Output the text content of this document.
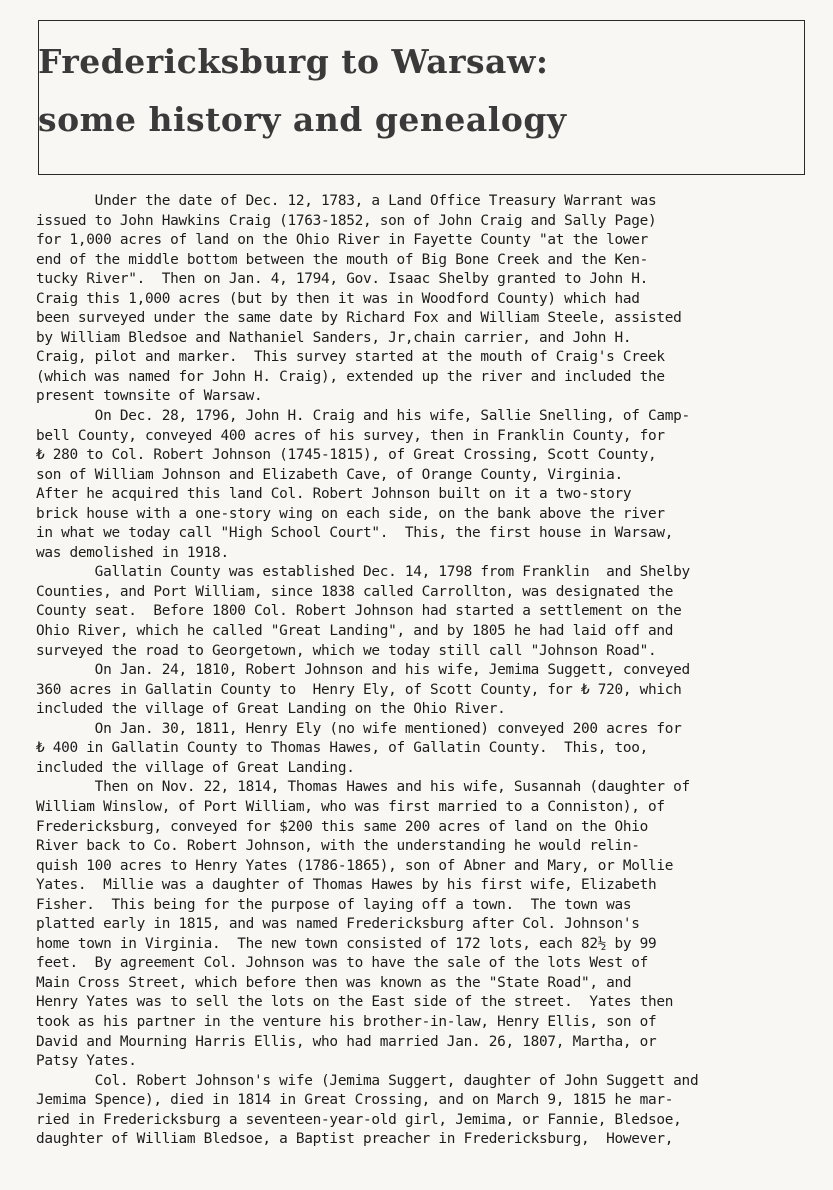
Fredericksburg to Warsaw:
some history and genealogy
Under the date of Dec. 12, 1783, a Land Office Treasury Warrant was
issued to John Hawkins Craig (1763-1852, son of John Craig and Sally Page)
for 1,000 acres of land on the Ohio River in Fayette County "at the lower
end of the middle bottom between the mouth of Big Bone Creek and the Ken-
tucky River".  Then on Jan. 4, 1794, Gov. Isaac Shelby granted to John H.
Craig this 1,000 acres (but by then it was in Woodford County) which had
been surveyed under the same date by Richard Fox and William Steele, assisted
by William Bledsoe and Nathaniel Sanders, Jr,chain carrier, and John H.
Craig, pilot and marker.  This survey started at the mouth of Craig's Creek
(which was named for John H. Craig), extended up the river and included the
present townsite of Warsaw.
On Dec. 28, 1796, John H. Craig and his wife, Sallie Snelling, of Camp-
bell County, conveyed 400 acres of his survey, then in Franklin County, for
₺ 280 to Col. Robert Johnson (1745-1815), of Great Crossing, Scott County,
son of William Johnson and Elizabeth Cave, of Orange County, Virginia.
After he acquired this land Col. Robert Johnson built on it a two-story
brick house with a one-story wing on each side, on the bank above the river
in what we today call "High School Court".  This, the first house in Warsaw,
was demolished in 1918.
Gallatin County was established Dec. 14, 1798 from Franklin  and Shelby
Counties, and Port William, since 1838 called Carrollton, was designated the
County seat.  Before 1800 Col. Robert Johnson had started a settlement on the
Ohio River, which he called "Great Landing", and by 1805 he had laid off and
surveyed the road to Georgetown, which we today still call "Johnson Road".
On Jan. 24, 1810, Robert Johnson and his wife, Jemima Suggett, conveyed
360 acres in Gallatin County to  Henry Ely, of Scott County, for ₺ 720, which
included the village of Great Landing on the Ohio River.
On Jan. 30, 1811, Henry Ely (no wife mentioned) conveyed 200 acres for
₺ 400 in Gallatin County to Thomas Hawes, of Gallatin County.  This, too,
included the village of Great Landing.
Then on Nov. 22, 1814, Thomas Hawes and his wife, Susannah (daughter of
William Winslow, of Port William, who was first married to a Conniston), of
Fredericksburg, conveyed for $200 this same 200 acres of land on the Ohio
River back to Co. Robert Johnson, with the understanding he would relin-
quish 100 acres to Henry Yates (1786-1865), son of Abner and Mary, or Mollie
Yates.  Millie was a daughter of Thomas Hawes by his first wife, Elizabeth
Fisher.  This being for the purpose of laying off a town.  The town was
platted early in 1815, and was named Fredericksburg after Col. Johnson's
home town in Virginia.  The new town consisted of 172 lots, each 82½ by 99
feet.  By agreement Col. Johnson was to have the sale of the lots West of
Main Cross Street, which before then was known as the "State Road", and
Henry Yates was to sell the lots on the East side of the street.  Yates then
took as his partner in the venture his brother-in-law, Henry Ellis, son of
David and Mourning Harris Ellis, who had married Jan. 26, 1807, Martha, or
Patsy Yates.
Col. Robert Johnson's wife (Jemima Suggert, daughter of John Suggett and
Jemima Spence), died in 1814 in Great Crossing, and on March 9, 1815 he mar-
ried in Fredericksburg a seventeen-year-old girl, Jemima, or Fannie, Bledsoe,
daughter of William Bledsoe, a Baptist preacher in Fredericksburg,  However,
